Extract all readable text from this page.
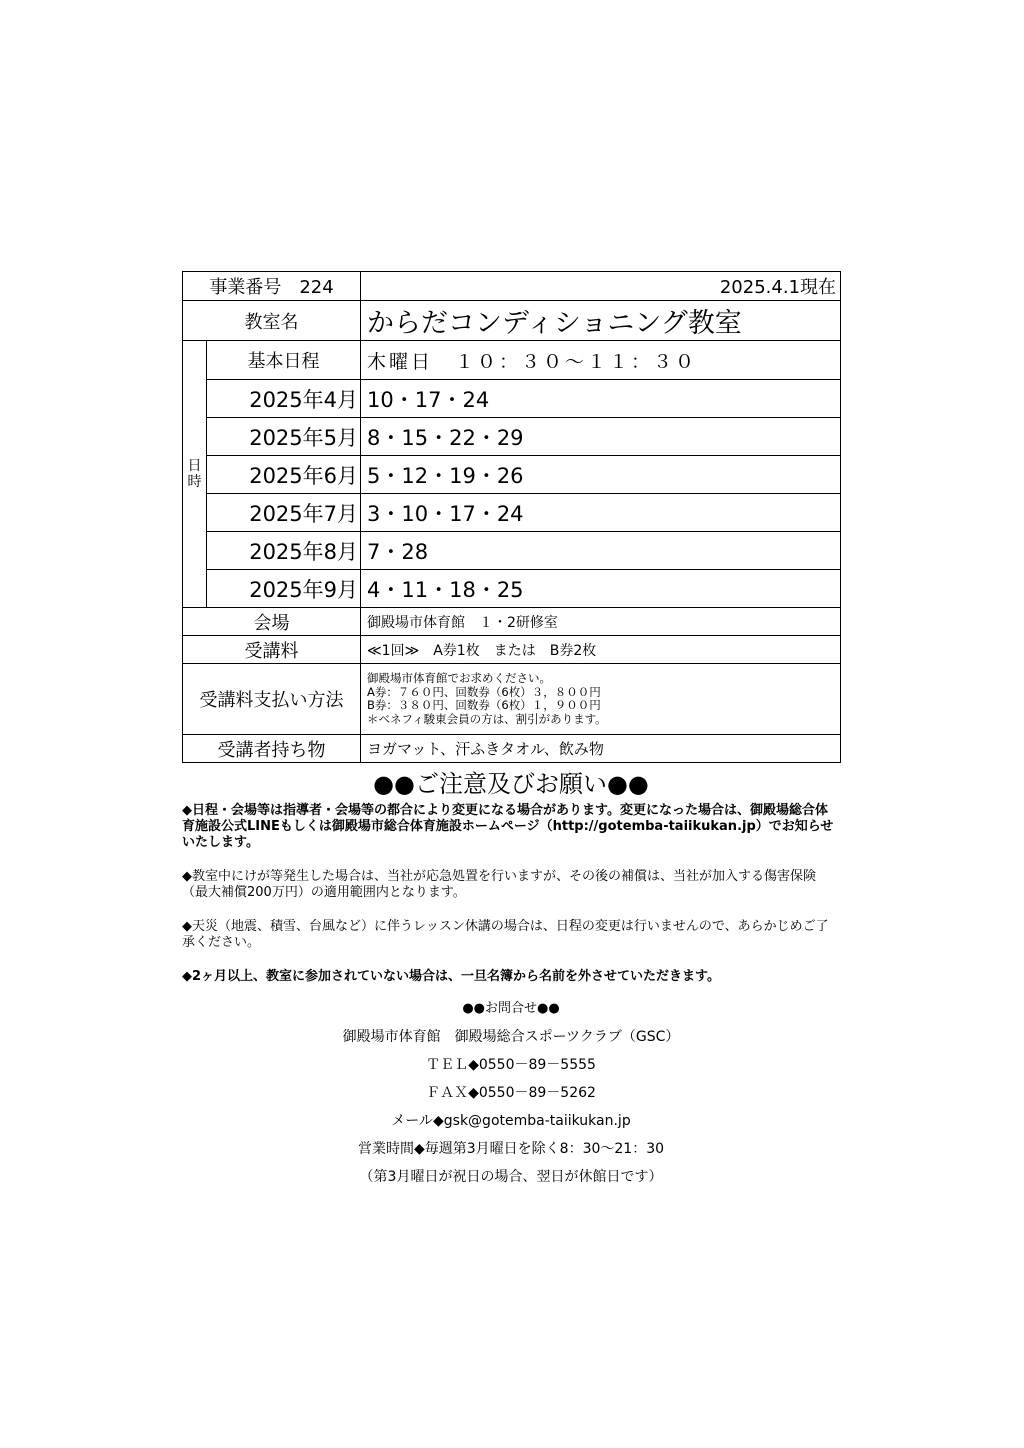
事業番号　224		2025.4.1現在
教室名		からだコンディショニング教室
日時	基本日程	木曜日　１０：３０～１１：３０
	2025年4月	10・17・24
	2025年5月	8・15・22・29
	2025年6月	5・12・19・26
	2025年7月	3・10・17・24
	2025年8月	7・28
	2025年9月	4・11・18・25
会場		御殿場市体育館　１・2研修室
受講料		≪1回≫　A券1枚　または　B券2枚
受講料支払い方法		御殿場市体育館でお求めください。
A券：７６０円、回数券（6枚）３，８００円
B券：３８０円、回数券（6枚）１，９００円
＊ベネフィ駿東会員の方は、割引があります。

受講者持ち物		ヨガマット、汗ふきタオル、飲み物
●●ご注意及びお願い●●

◆日程・会場等は指導者・会場等の都合により変更になる場合があります。変更になった場合は、御殿場総合体育施設公式LINEもしくは御殿場市総合体育施設ホームページ（http://gotemba-taiikukan.jp）でお知らせいたします。

◆教室中にけが等発生した場合は、当社が応急処置を行いますが、その後の補償は、当社が加入する傷害保険（最大補償200万円）の適用範囲内となります。

◆天災（地震、積雪、台風など）に伴うレッスン休講の場合は、日程の変更は行いませんので、あらかじめご了承ください。

◆2ヶ月以上、教室に参加されていない場合は、一旦名簿から名前を外させていただきます。

●●お問合せ●●
御殿場市体育館　御殿場総合スポーツクラブ（GSC）
ＴＥＬ◆0550－89－5555
ＦＡＸ◆0550－89－5262
メール◆gsk@gotemba-taiikukan.jp
営業時間◆毎週第3月曜日を除く8：30～21：30
（第3月曜日が祝日の場合、翌日が休館日です）
